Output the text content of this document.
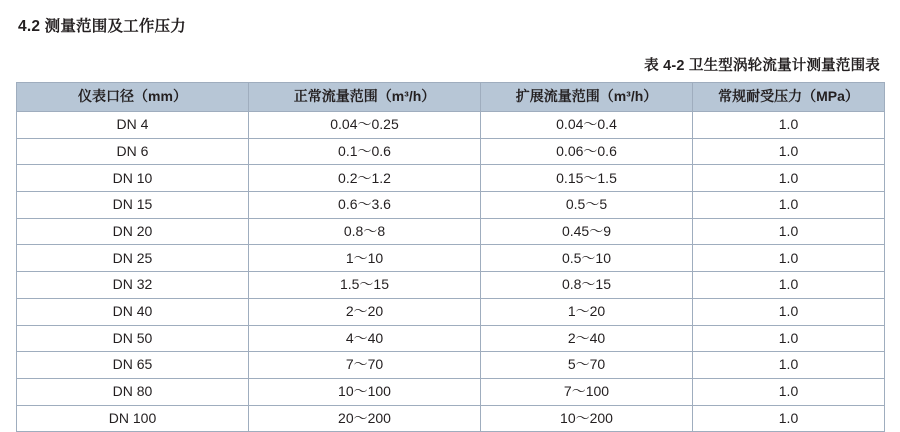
4.2 测量范围及工作压力
表 4-2 卫生型涡轮流量计测量范围表
仪表口径（mm）	正常流量范围（m³/h）	扩展流量范围（m³/h）	常规耐受压力（MPa）
DN 4	0.04～0.25	0.04～0.4	1.0
DN 6	0.1～0.6	0.06～0.6	1.0
DN 10	0.2～1.2	0.15～1.5	1.0
DN 15	0.6～3.6	0.5～5	1.0
DN 20	0.8～8	0.45～9	1.0
DN 25	1～10	0.5～10	1.0
DN 32	1.5～15	0.8～15	1.0
DN 40	2～20	1～20	1.0
DN 50	4～40	2～40	1.0
DN 65	7～70	5～70	1.0
DN 80	10～100	7～100	1.0
DN 100	20～200	10～200	1.0
